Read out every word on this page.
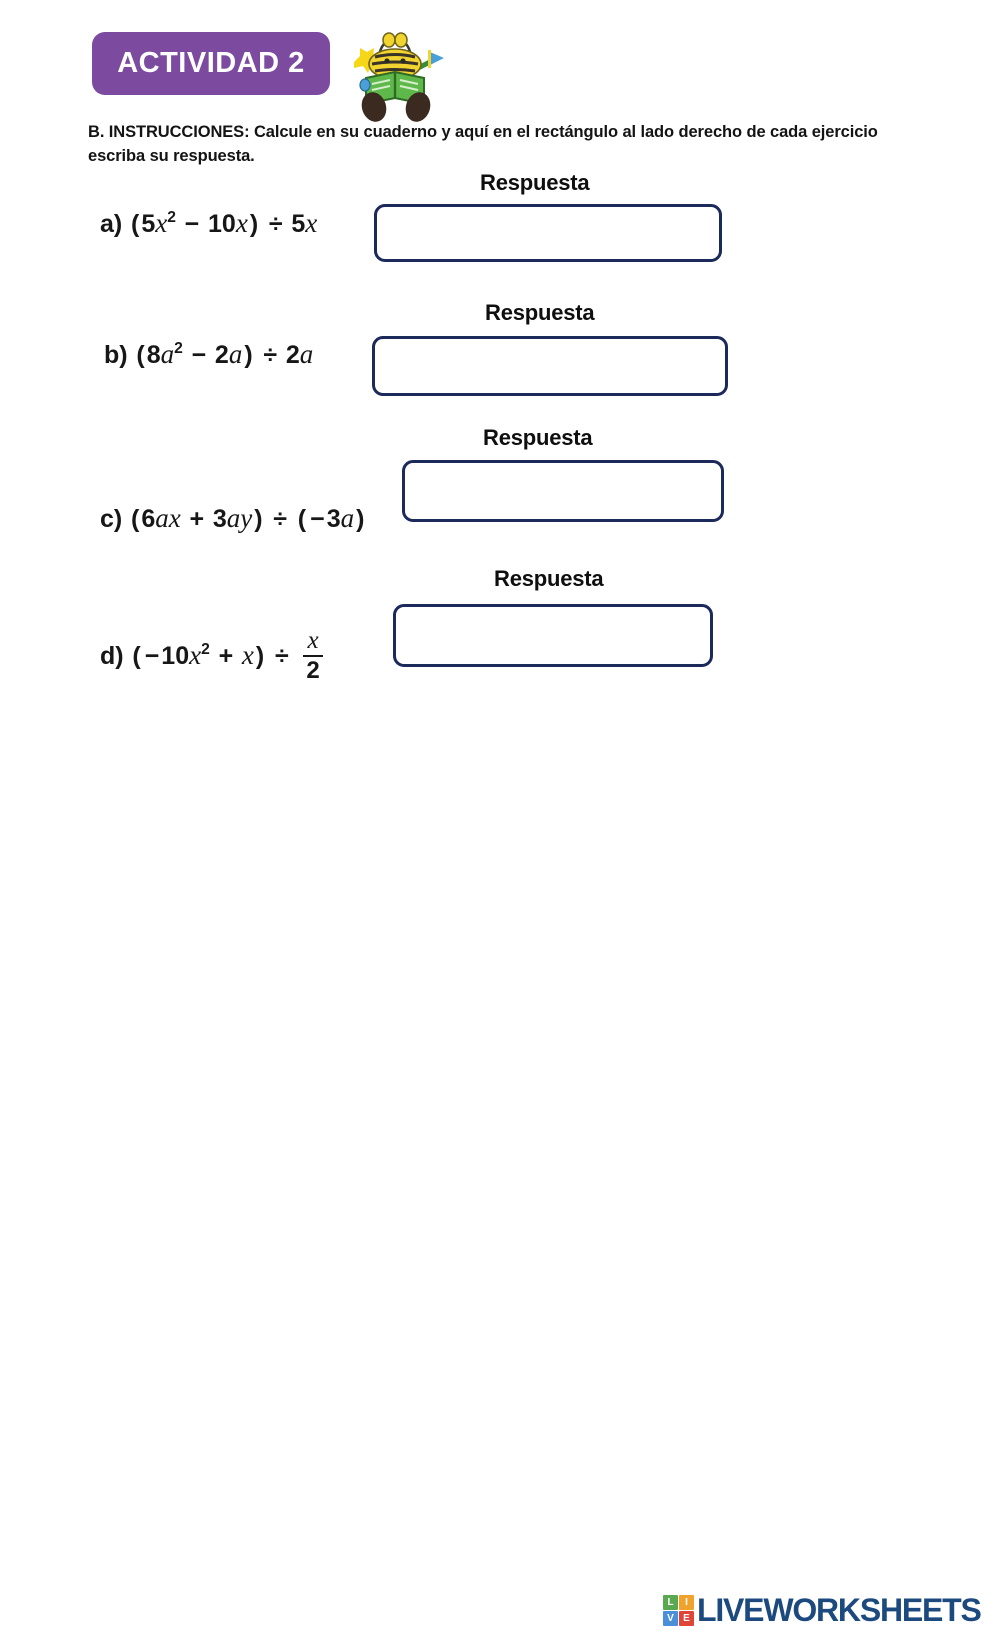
ACTIVIDAD 2
B. INSTRUCCIONES: Calcule en su cuaderno y aquí en el rectángulo al lado derecho de cada ejercicio escriba su respuesta.
a) $(5x^2 - 10x) \div 5x$
Respuesta
b) $(8a^2 - 2a) \div 2a$
Respuesta
c) (6ax + 3ay) ÷ ( −3a)
Respuesta
d) ( $-10x^2 + x) \div \frac{x}{2}$
Respuesta
L	I
V E LIVEWORKSHEETS
